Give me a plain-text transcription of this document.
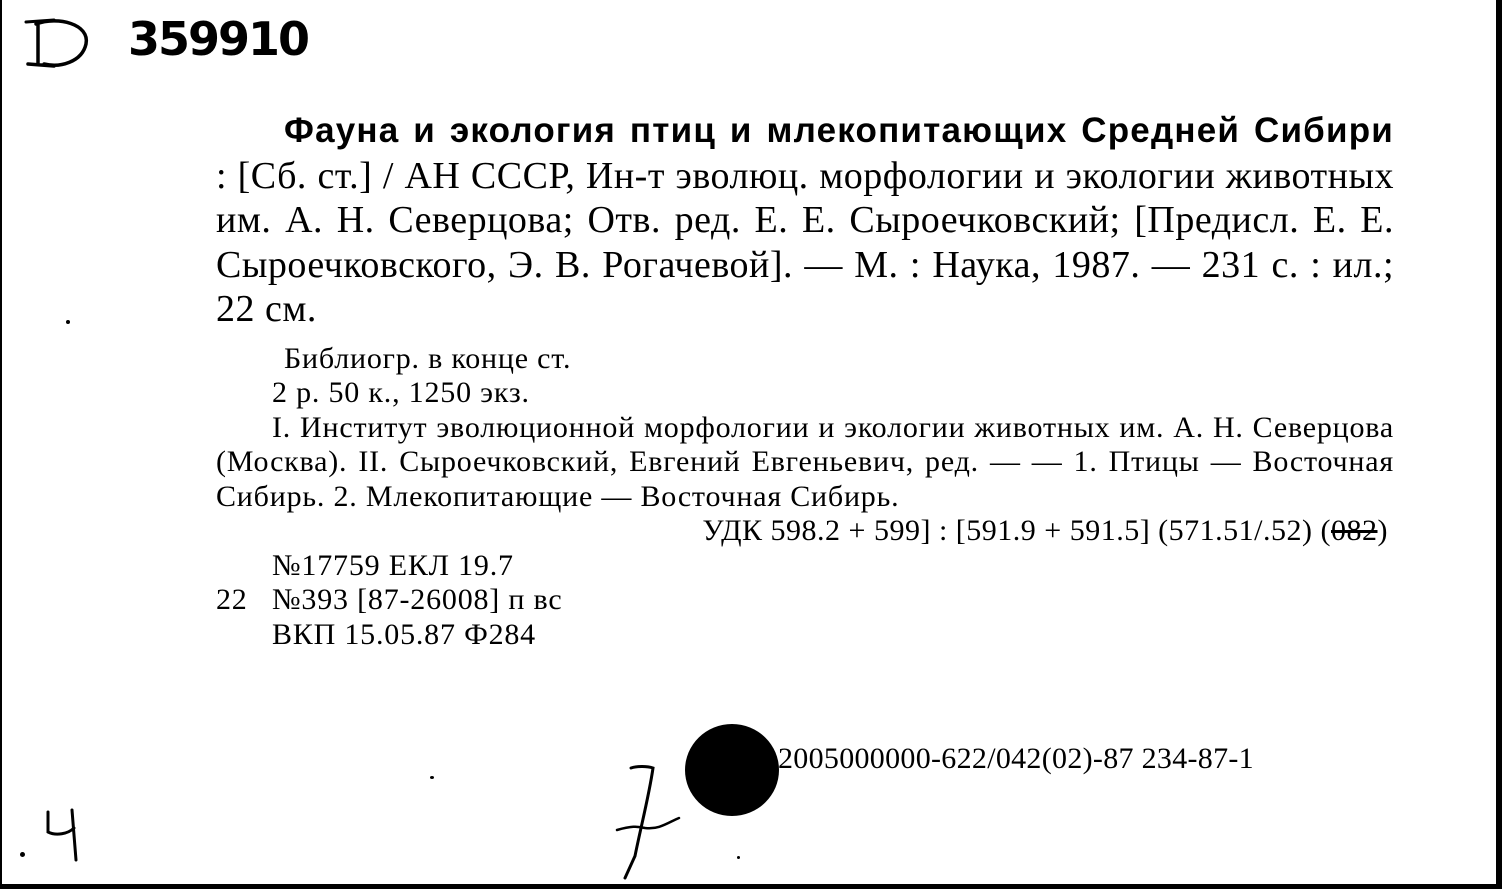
359910

Фауна и экология птиц и млекопитающих Средней Сибири : [Сб. ст.] / АН СССР, Ин-т эволюц. морфологии и экологии животных им. А. Н. Северцова; Отв. ред. Е. Е. Сыроечковский; [Предисл. Е. Е. Сыроечковского, Э. В. Рогачевой]. — М. : Наука, 1987. — 231 с. : ил.; 22 см.

Библиогр. в конце ст.

2 р. 50 к., 1250 экз.

I. Институт эволюционной морфологии и экологии животных им. А. Н. Северцова (Москва). II. Сыроечковский, Евгений Евгеньевич, ред. — — 1. Птицы — Восточная Сибирь. 2. Млекопитающие — Восточная Сибирь.

УДК 598.2 + 599] : [591.9 + 591.5] (571.51/.52) (082)

№17759 ЕКЛ 19.7

22 №393 [87-26008] п вс

ВКП 15.05.87 Ф284

2005000000-622/042(02)-87 234-87-1
